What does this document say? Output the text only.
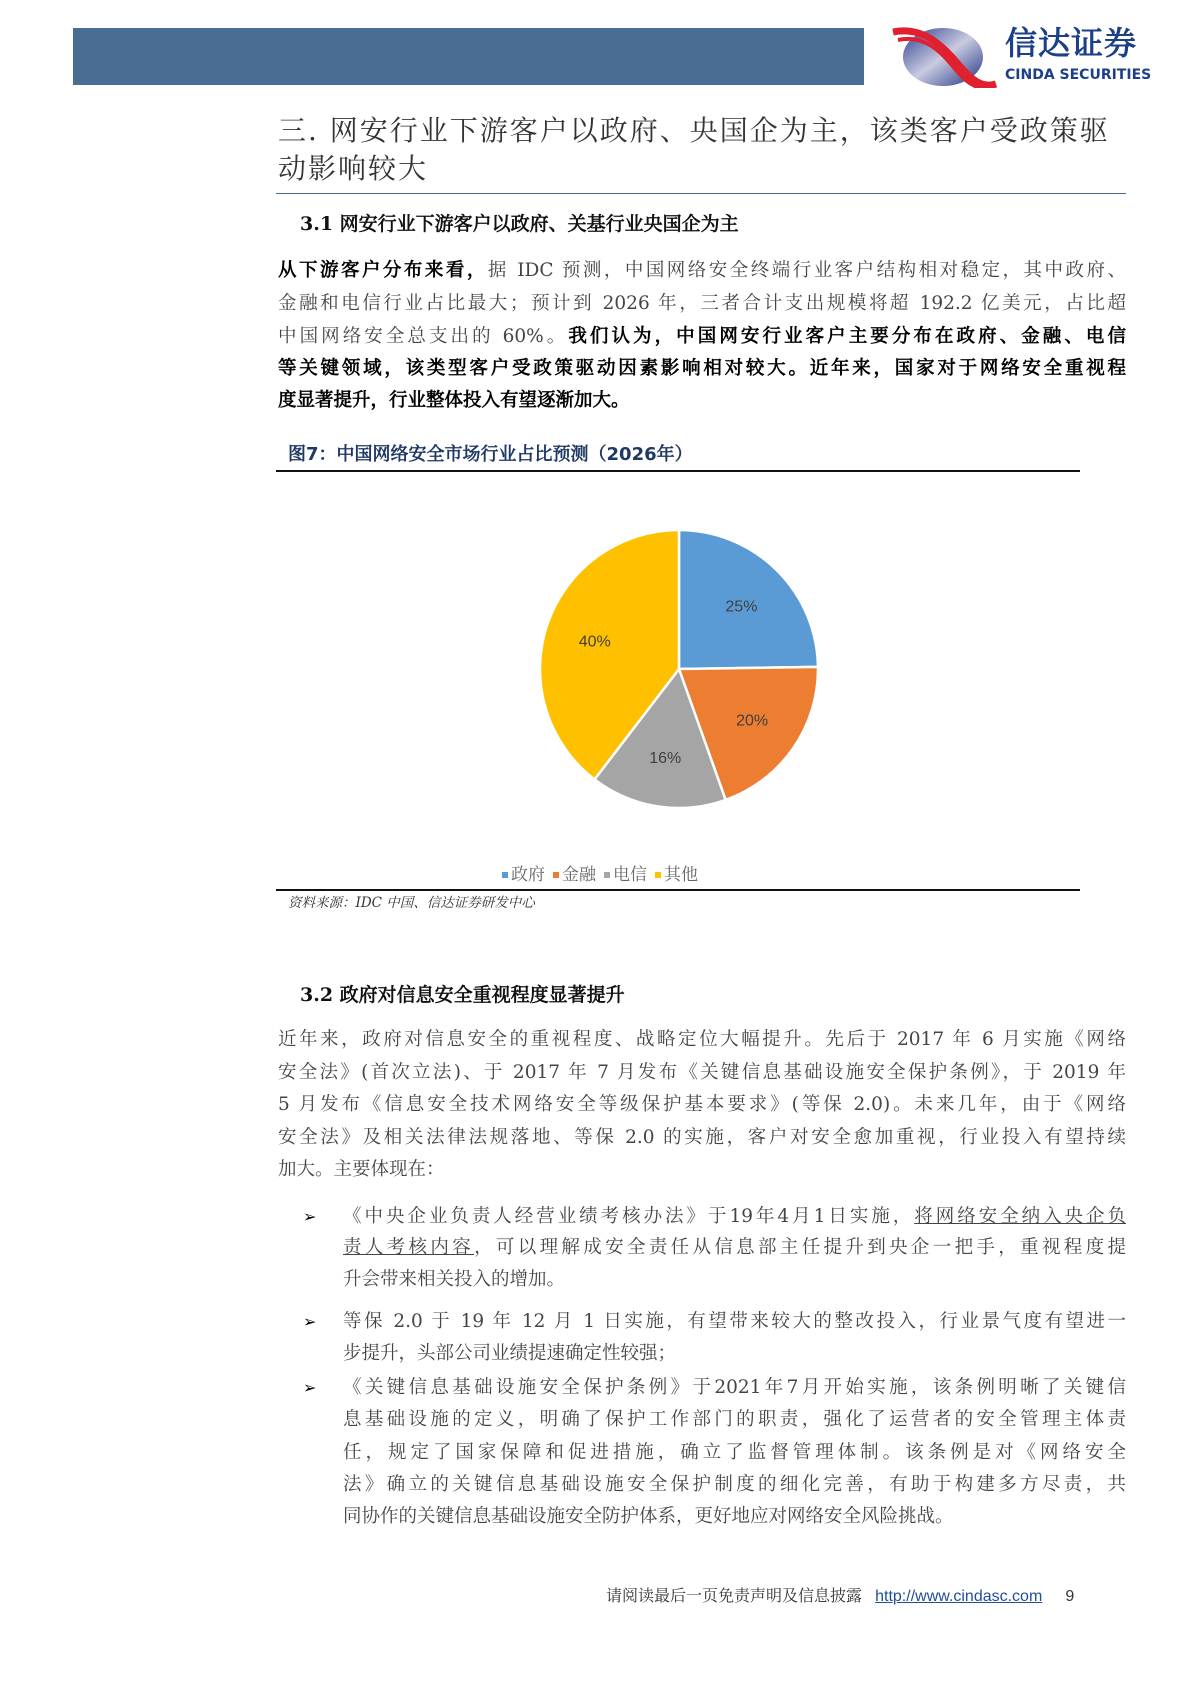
信达证券
CINDA SECURITIES
三. 网安行业下游客户以政府、央国企为主，该类客户受政策驱动影响较大
3.1 网安行业下游客户以政府、关基行业央国企为主
从下游客户分布来看，据 IDC 预测，中国网络安全终端行业客户结构相对稳定，其中政府、
金融和电信行业占比最大；预计到 2026 年，三者合计支出规模将超 192.2 亿美元，占比超
中国网络安全总支出的 60%。我们认为，中国网安行业客户主要分布在政府、金融、电信
等关键领域，该类型客户受政策驱动因素影响相对较大。近年来，国家对于网络安全重视程
度显著提升，行业整体投入有望逐渐加大。
图7：中国网络安全市场行业占比预测（2026年）
25%
20%
16%
40%
政府 金融 电信 其他
资料来源：IDC 中国、信达证券研发中心
3.2 政府对信息安全重视程度显著提升
近年来，政府对信息安全的重视程度、战略定位大幅提升。先后于 2017 年 6 月实施《网络
安全法》(首次立法)、于 2017 年 7 月发布《关键信息基础设施安全保护条例》，于 2019 年
5 月发布《信息安全技术网络安全等级保护基本要求》(等保 2.0)。未来几年，由于《网络
安全法》及相关法律法规落地、等保 2.0 的实施，客户对安全愈加重视，行业投入有望持续
加大。主要体现在：
➢ 《中央企业负责人经营业绩考核办法》于19年4月1日实施，将网络安全纳入央企负
责人考核内容，可以理解成安全责任从信息部主任提升到央企一把手，重视程度提
升会带来相关投入的增加。
➢ 等保 2.0 于 19 年 12 月 1 日实施，有望带来较大的整改投入，行业景气度有望进一
步提升，头部公司业绩提速确定性较强；
➢ 《关键信息基础设施安全保护条例》于2021年7月开始实施，该条例明晰了关键信
息基础设施的定义，明确了保护工作部门的职责，强化了运营者的安全管理主体责
任，规定了国家保障和促进措施，确立了监督管理体制。该条例是对《网络安全
法》确立的关键信息基础设施安全保护制度的细化完善，有助于构建多方尽责，共
同协作的关键信息基础设施安全防护体系，更好地应对网络安全风险挑战。
请阅读最后一页免责声明及信息披露 http://www.cindasc.com 9
